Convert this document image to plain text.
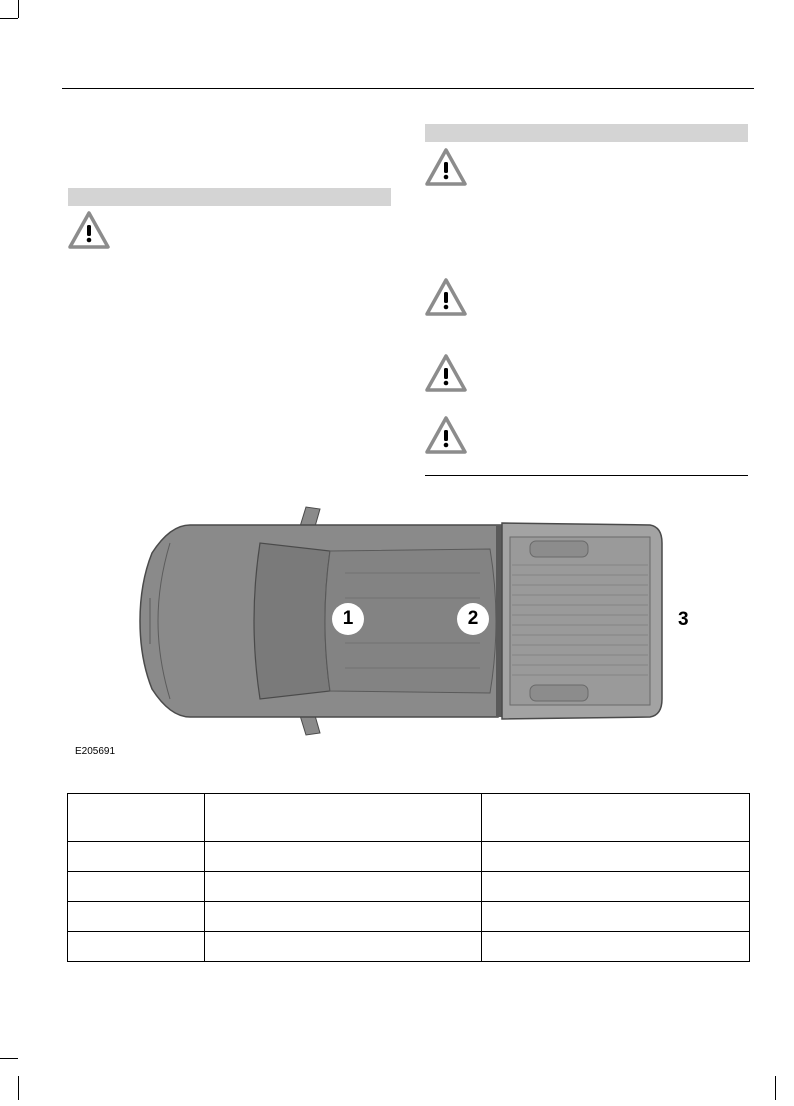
1	2	3
E205691
